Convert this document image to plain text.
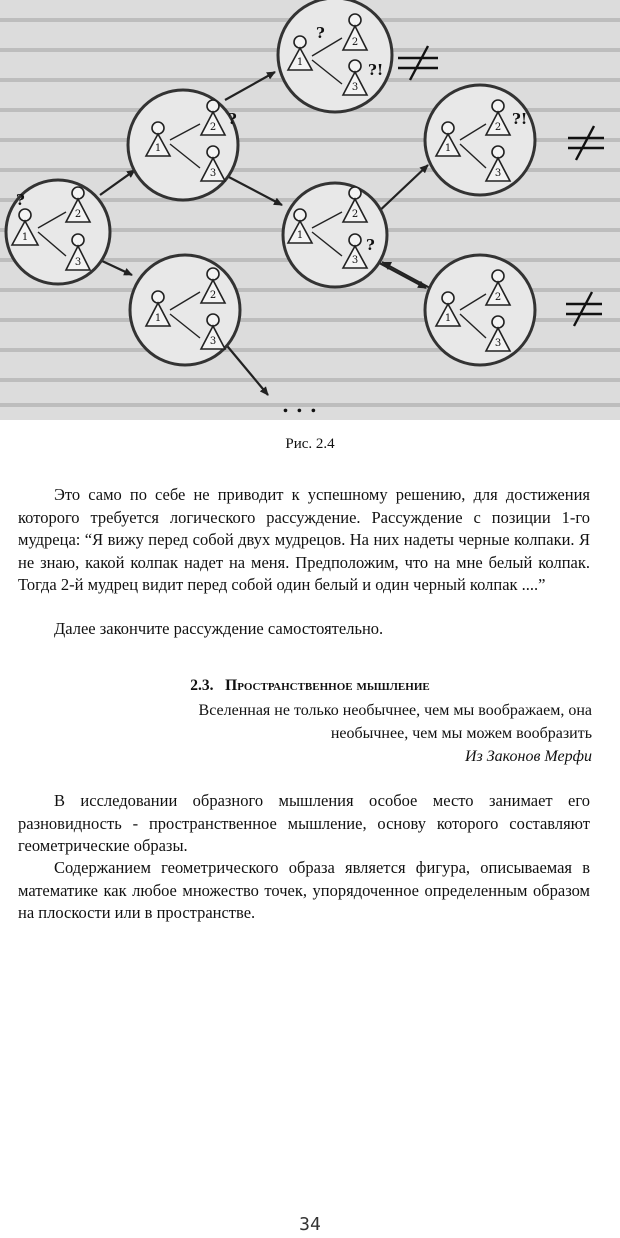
1
2
3
1
2
3
1
2
3
1
2
3
1
2
3
1
2
3
1
2
3
?
?
?!
?
?
?!
. . .
Рис. 2.4

Это само по себе не приводит к успешному решению, для достижения которого требуется логического рассуждение. Рассуждение с позиции 1-го мудреца: “Я вижу перед собой двух мудрецов. На них надеты черные колпаки. Я не знаю, какой колпак надет на меня. Предположим, что на мне белый колпак. Тогда 2-й мудрец видит перед собой один белый и один черный колпак ....”

Далее закончите рассуждение самостоятельно.

2.3. Пространственное мышление
Вселенная не только необычнее, чем мы воображаем, она
необычнее, чем мы можем вообразить
Из Законов Мерфи

В исследовании образного мышления особое место занимает его разновидность - пространственное мышление, основу которого составляют геометрические образы.

Содержанием геометрического образа является фигура, описываемая в математике как любое множество точек, упорядоченное определенным образом на плоскости или в пространстве.

34
